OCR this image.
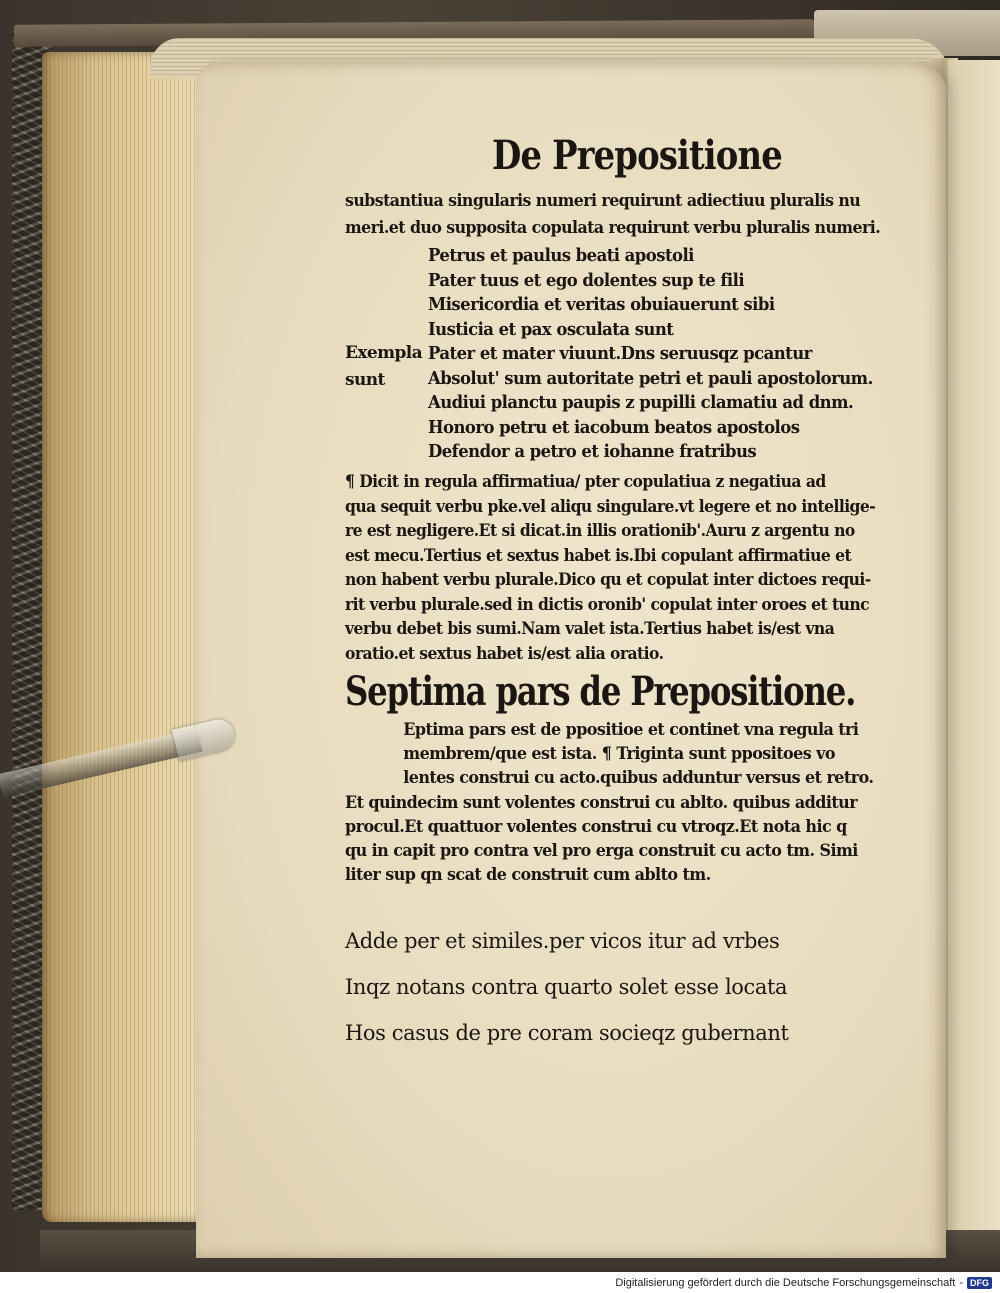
De Prepositione
substantiua singularis numeri requirunt adiectiuu pluralis nu
meri.et duo supposita copulata requirunt verbu pluralis numeri.
Exempla
sunt
Petrus et paulus beati apostoli
Pater tuus et ego dolentes sup te fili
Misericordia et veritas obuiauerunt sibi
Iusticia et pax osculata sunt
Pater et mater viuunt.Dns seruusqz pcantur
Absolut' sum autoritate petri et pauli apostolorum.
Audiui planctu paupis z pupilli clamatiu ad dnm.
Honoro petru et iacobum beatos apostolos
Defendor a petro et iohanne fratribus
¶ Dicit in regula affirmatiua/ pter copulatiua z negatiua ad
qua sequit verbu pke.vel aliqu singulare.vt legere et no intellige-
re est negligere.Et si dicat.in illis orationib'.Auru z argentu no
est mecu.Tertius et sextus habet is.Ibi copulant affirmatiue et
non habent verbu plurale.Dico qu et copulat inter dictoes requi-
rit verbu plurale.sed in dictis oronib' copulat inter oroes et tunc
verbu debet bis sumi.Nam valet ista.Tertius habet is/est vna
oratio.et sextus habet is/est alia oratio.
Septima pars de Prepositione.
Eptima pars est de ppositioe et continet vna regula tri
membrem/que est ista. ¶ Triginta sunt ppositoes vo
lentes construi cu acto.quibus adduntur versus et retro.
Et quindecim sunt volentes construi cu ablto. quibus additur
procul.Et quattuor volentes construi cu vtroqz.Et nota hic q
qu in capit pro contra vel pro erga construit cu acto tm. Simi
liter sup qn scat de construit cum ablto tm.
Adde per et similes.per vicos itur ad vrbes
Inqz notans contra quarto solet esse locata
Hos casus de pre coram socieqz gubernant
Digitalisierung gefördert durch die Deutsche Forschungsgemeinschaft - DFG
